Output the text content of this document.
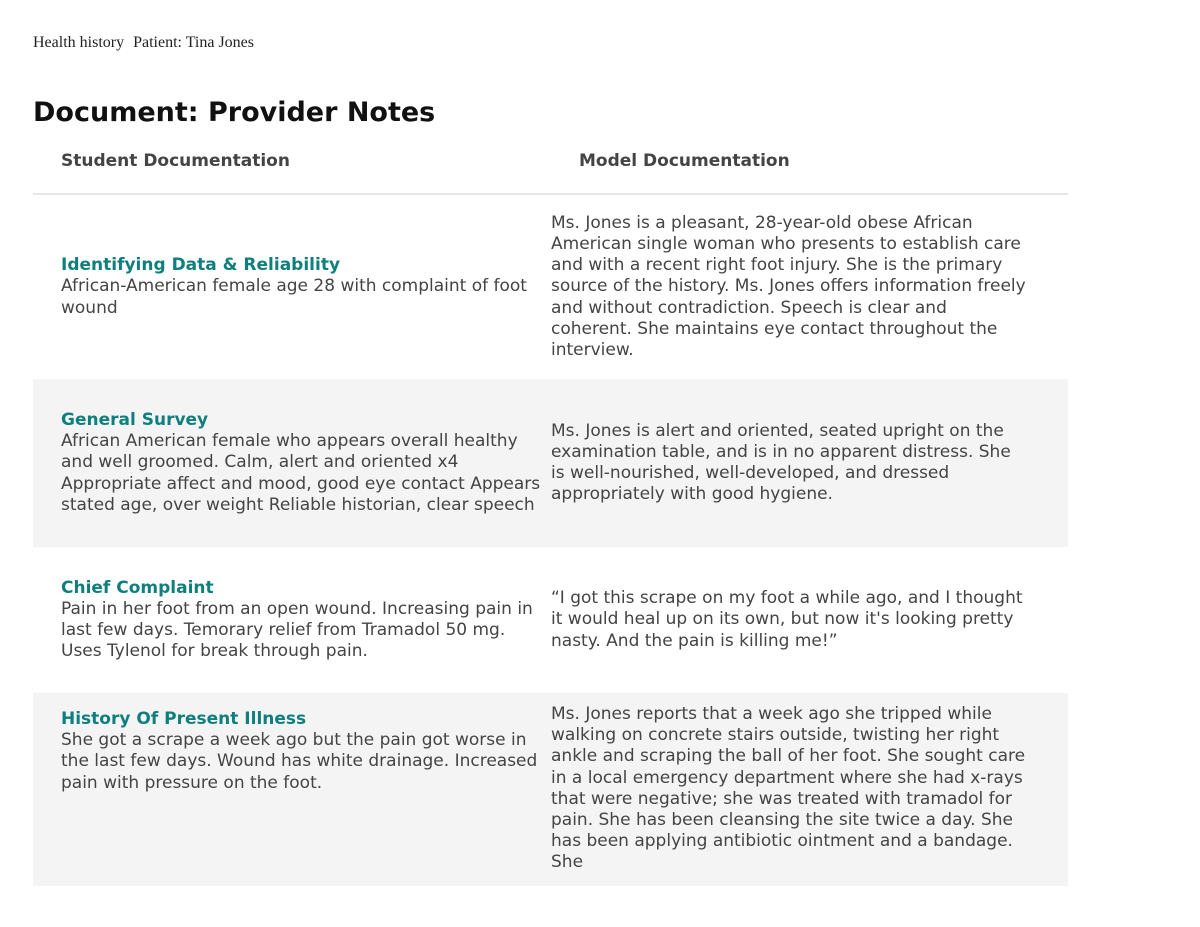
Health history Patient: Tina Jones
Document: Provider Notes
Student Documentation	Model Documentation
Identifying Data & Reliability
African-American female age 28 with complaint of foot wound
Ms. Jones is a pleasant, 28-year-old obese African American single woman who presents to establish care and with a recent right foot injury. She is the primary source of the history. Ms. Jones offers information freely and without contradiction. Speech is clear and coherent. She maintains eye contact throughout the interview.
General Survey
African American female who appears overall healthy and well groomed. Calm, alert and oriented x4 Appropriate affect and mood, good eye contact Appears stated age, over weight Reliable historian, clear speech
Ms. Jones is alert and oriented, seated upright on the examination table, and is in no apparent distress. She is well-nourished, well-developed, and dressed appropriately with good hygiene.
Chief Complaint
Pain in her foot from an open wound. Increasing pain in last few days. Temorary relief from Tramadol 50 mg. Uses Tylenol for break through pain.
“I got this scrape on my foot a while ago, and I thought it would heal up on its own, but now it's looking pretty nasty. And the pain is killing me!”
History Of Present Illness
She got a scrape a week ago but the pain got worse in the last few days. Wound has white drainage. Increased pain with pressure on the foot.
Ms. Jones reports that a week ago she tripped while walking on concrete stairs outside, twisting her right ankle and scraping the ball of her foot. She sought care in a local emergency department where she had x-rays that were negative; she was treated with tramadol for pain. She has been cleansing the site twice a day. She has been applying antibiotic ointment and a bandage. She
